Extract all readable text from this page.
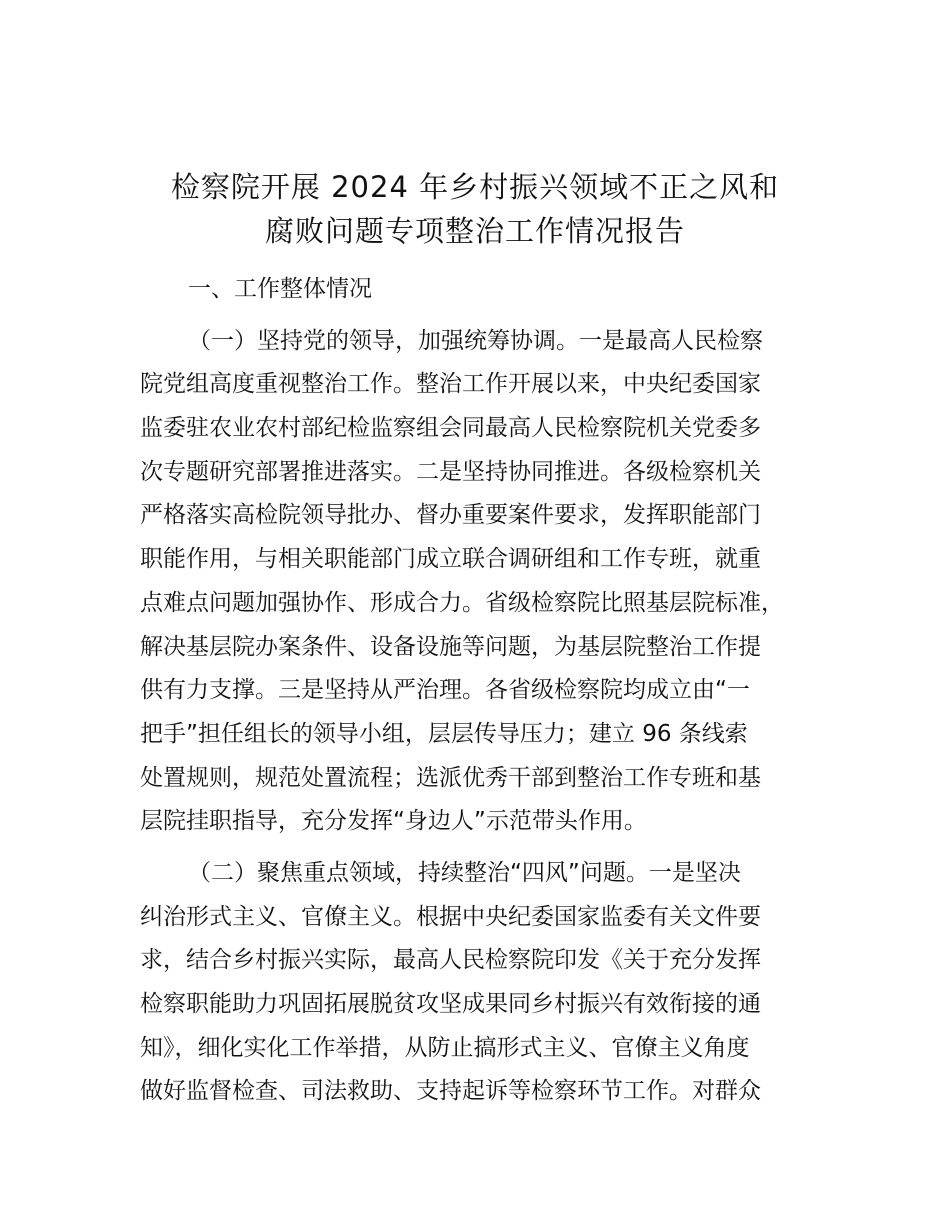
检察院开展 2024 年乡村振兴领域不正之风和
腐败问题专项整治工作情况报告
一、工作整体情况
（一）坚持党的领导，加强统筹协调。一是最高人民检察
院党组高度重视整治工作。整治工作开展以来，中央纪委国家
监委驻农业农村部纪检监察组会同最高人民检察院机关党委多
次专题研究部署推进落实。二是坚持协同推进。各级检察机关
严格落实高检院领导批办、督办重要案件要求，发挥职能部门
职能作用，与相关职能部门成立联合调研组和工作专班，就重
点难点问题加强协作、形成合力。省级检察院比照基层院标准，
解决基层院办案条件、设备设施等问题，为基层院整治工作提
供有力支撑。三是坚持从严治理。各省级检察院均成立由“一
把手”担任组长的领导小组，层层传导压力；建立 96 条线索
处置规则，规范处置流程；选派优秀干部到整治工作专班和基
层院挂职指导，充分发挥“身边人”示范带头作用。
（二）聚焦重点领域，持续整治“四风”问题。一是坚决
纠治形式主义、官僚主义。根据中央纪委国家监委有关文件要
求，结合乡村振兴实际，最高人民检察院印发《关于充分发挥
检察职能助力巩固拓展脱贫攻坚成果同乡村振兴有效衔接的通
知》，细化实化工作举措，从防止搞形式主义、官僚主义角度
做好监督检查、司法救助、支持起诉等检察环节工作。对群众
